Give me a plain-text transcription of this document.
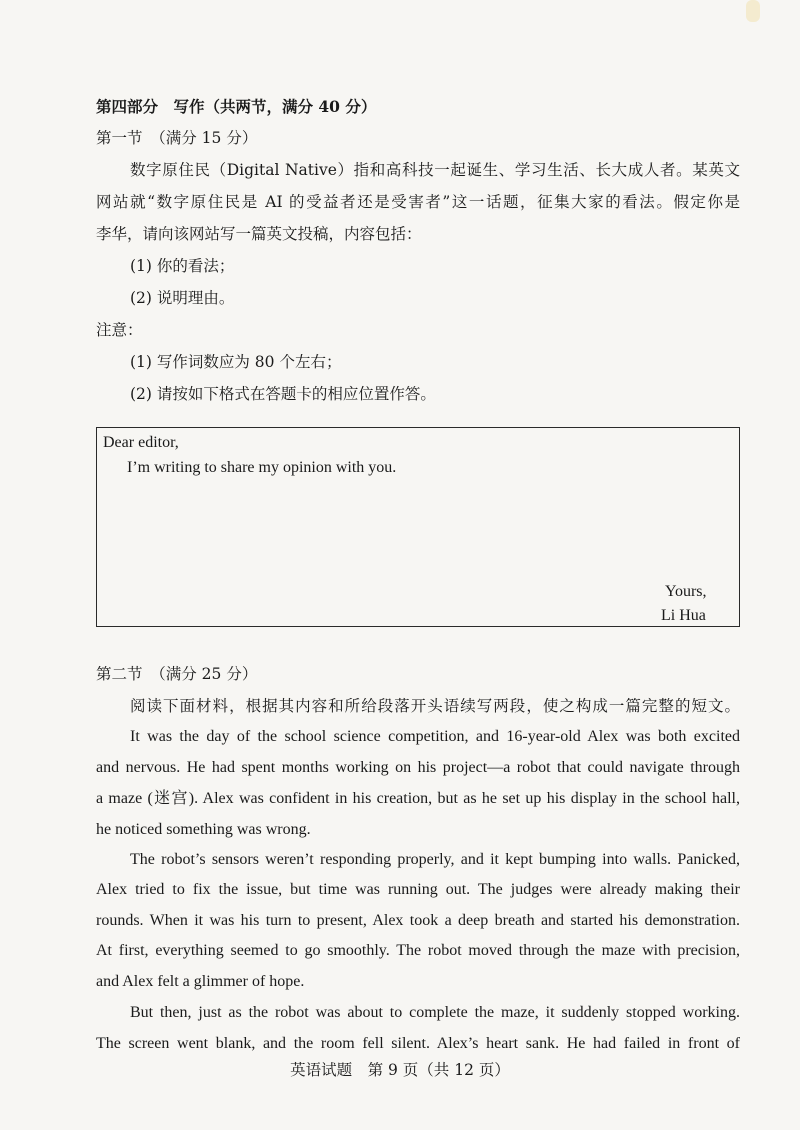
第四部分　写作（共两节，满分 40 分）
第一节　（满分 15 分）
数字原住民（Digital Native）指和高科技一起诞生、学习生活、长大成人者。某英文
网站就“数字原住民是 AI 的受益者还是受害者”这一话题，征集大家的看法。假定你是
李华，请向该网站写一篇英文投稿，内容包括：
(1) 你的看法；
(2) 说明理由。
注意：
(1) 写作词数应为 80 个左右；
(2) 请按如下格式在答题卡的相应位置作答。
Dear editor,
I’m writing to share my opinion with you.
Yours,
Li Hua
第二节　（满分 25 分）
阅读下面材料，根据其内容和所给段落开头语续写两段，使之构成一篇完整的短文。
It was the day of the school science competition, and 16-year-old Alex was both excited
and nervous. He had spent months working on his project—a robot that could navigate through
a maze (迷宫). Alex was confident in his creation, but as he set up his display in the school hall,
he noticed something was wrong.
The robot’s sensors weren’t responding properly, and it kept bumping into walls. Panicked,
Alex tried to fix the issue, but time was running out. The judges were already making their
rounds. When it was his turn to present, Alex took a deep breath and started his demonstration.
At first, everything seemed to go smoothly. The robot moved through the maze with precision,
and Alex felt a glimmer of hope.
But then, just as the robot was about to complete the maze, it suddenly stopped working.
The screen went blank, and the room fell silent. Alex’s heart sank. He had failed in front of
英语试题　第 9 页（共 12 页）
